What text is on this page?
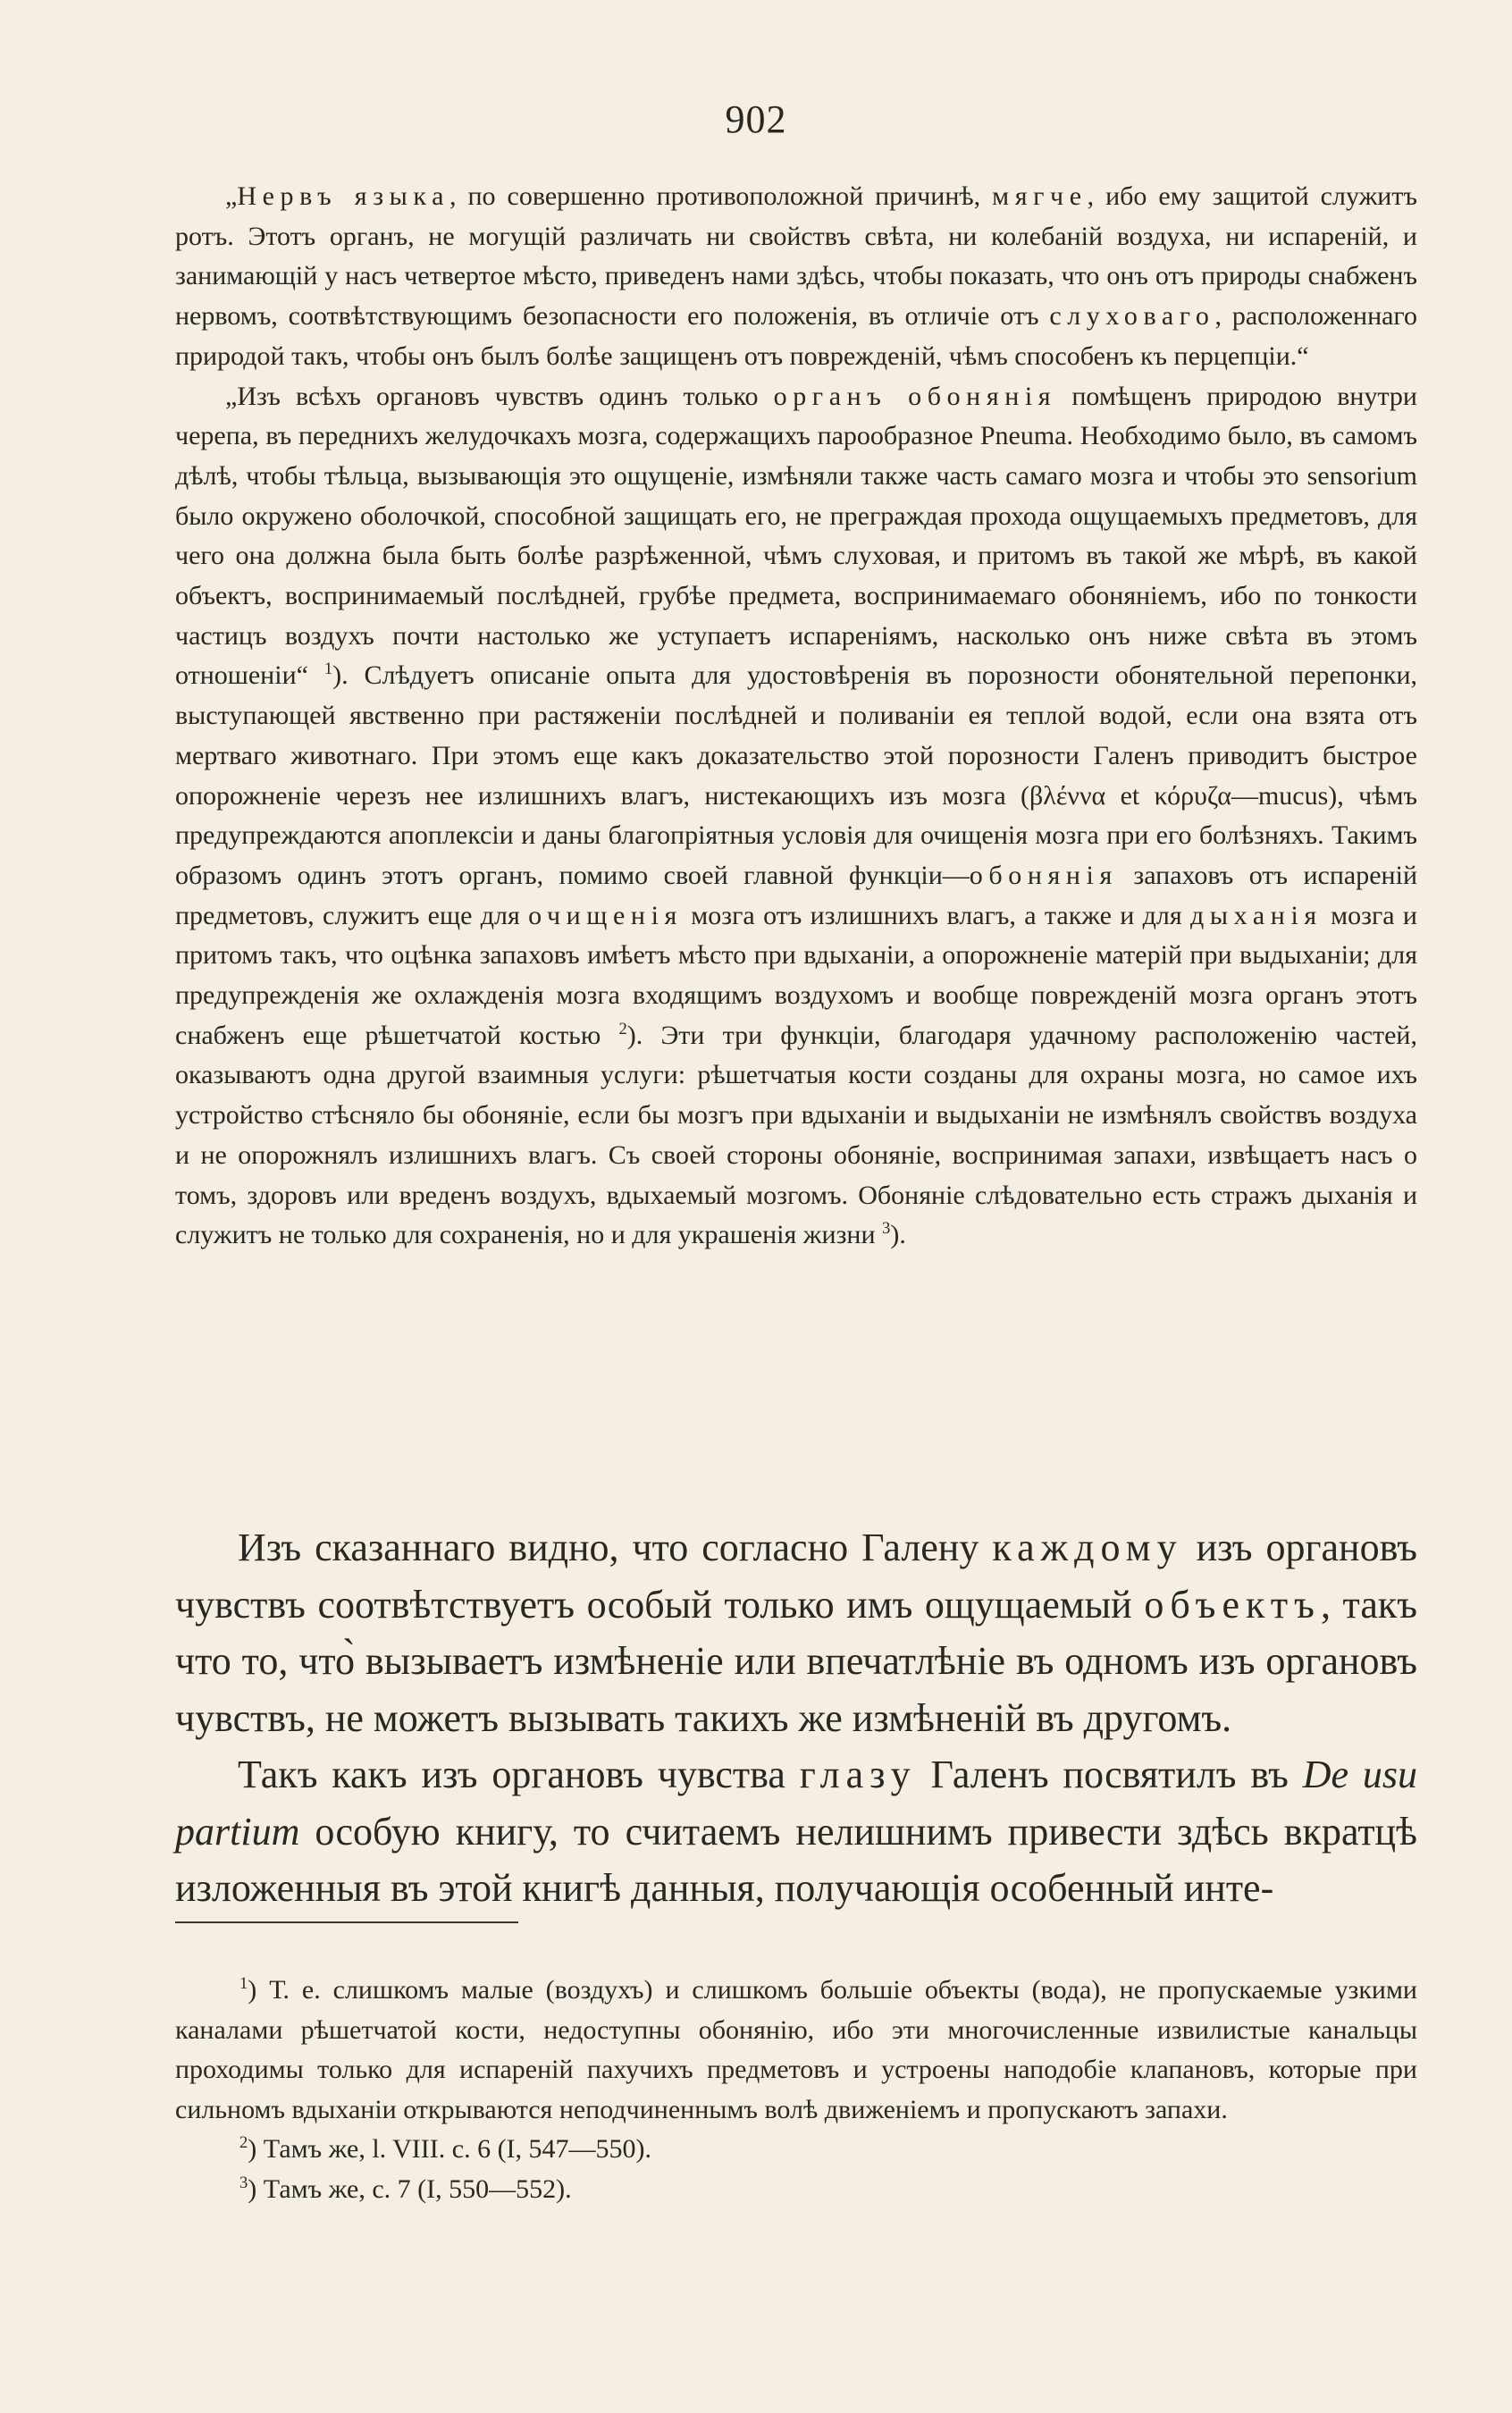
902

„Нервъ языка, по совершенно противоположной причинѣ, мягче, ибо ему защитой служитъ ротъ. Этотъ органъ, не могущій различать ни свойствъ свѣта, ни колебаній воздуха, ни испареній, и занимающій у насъ четвертое мѣсто, приведенъ нами здѣсь, чтобы показать, что онъ отъ природы снабженъ нервомъ, соотвѣтствующимъ безопасности его положенія, въ отличіе отъ слуховаго, расположеннаго природой такъ, чтобы онъ былъ болѣе защищенъ отъ поврежденій, чѣмъ способенъ къ перцепціи.“

„Изъ всѣхъ органовъ чувствъ одинъ только органъ обонянія помѣщенъ природою внутри черепа, въ переднихъ желудочкахъ мозга, содержащихъ парообразное Pneuma. Необходимо было, въ самомъ дѣлѣ, чтобы тѣльца, вызывающія это ощущеніе, измѣняли также часть самаго мозга и чтобы это sensorium было окружено оболочкой, способной защищать его, не преграждая прохода ощущаемыхъ предметовъ, для чего она должна была быть болѣе разрѣженной, чѣмъ слуховая, и притомъ въ такой же мѣрѣ, въ какой объектъ, воспринимаемый послѣдней, грубѣе предмета, воспринимаемаго обоняніемъ, ибо по тонкости частицъ воздухъ почти настолько же уступаетъ испареніямъ, насколько онъ ниже свѣта въ этомъ отношеніи“ $^1$). Слѣдуетъ описаніе опыта для удостовѣренія въ порозности обонятельной перепонки, выступающей явственно при растяженіи послѣдней и поливаніи ея теплой водой, если она взята отъ мертваго животнаго. При этомъ еще какъ доказательство этой порозности Галенъ приводитъ быстрое опорожненіе черезъ нее излишнихъ влагъ, нистекающихъ изъ мозга (βλέννα et κόρυζα—mucus), чѣмъ предупреждаются апоплексіи и даны благопріятныя условія для очищенія мозга при его болѣзняхъ. Такимъ образомъ одинъ этотъ органъ, помимо своей главной функціи—обонянія запаховъ отъ испареній предметовъ, служитъ еще для очищенія мозга отъ излишнихъ влагъ, а также и для дыханія мозга и притомъ такъ, что оцѣнка запаховъ имѣетъ мѣсто при вдыханіи, а опорожненіе матерій при выдыханіи; для предупрежденія же охлажденія мозга входящимъ воздухомъ и вообще поврежденій мозга органъ этотъ снабженъ еще рѣшетчатой костью $^2$). Эти три функціи, благодаря удачному расположенію частей, оказываютъ одна другой взаимныя услуги: рѣшетчатыя кости созданы для охраны мозга, но самое ихъ устройство стѣсняло бы обоняніе, если бы мозгъ при вдыханіи и выдыханіи не измѣнялъ свойствъ воздуха и не опорожнялъ излишнихъ влагъ. Съ своей стороны обоняніе, воспринимая запахи, извѣщаетъ насъ о томъ, здоровъ или вреденъ воздухъ, вдыхаемый мозгомъ. Обоняніе слѣдовательно есть стражъ дыханія и служитъ не только для сохраненія, но и для украшенія жизни $^3$).

Изъ сказаннаго видно, что согласно Галену каждому изъ органовъ чувствъ соотвѣтствуетъ особый только имъ ощущаемый объектъ, такъ что то, что̀ вызываетъ измѣненіе или впечатлѣніе въ одномъ изъ органовъ чувствъ, не можетъ вызывать такихъ же измѣненій въ другомъ.

Такъ какъ изъ органовъ чувства глазу Галенъ посвятилъ въ De usu partium особую книгу, то считаемъ нелишнимъ привести здѣсь вкратцѣ изложенныя въ этой книгѣ данныя, получающія особенный инте-

$^1$) Т. е. слишкомъ малые (воздухъ) и слишкомъ большіе объекты (вода), не пропускаемые узкими каналами рѣшетчатой кости, недоступны обонянію, ибо эти многочисленные извилистые канальцы проходимы только для испареній пахучихъ предметовъ и устроены наподобіе клапановъ, которые при сильномъ вдыханіи открываются неподчиненнымъ волѣ движеніемъ и пропускаютъ запахи.

$^2$) Тамъ же, l. VIII. c. 6 (I, 547—550).

$^3$) Тамъ же, c. 7 (I, 550—552).
